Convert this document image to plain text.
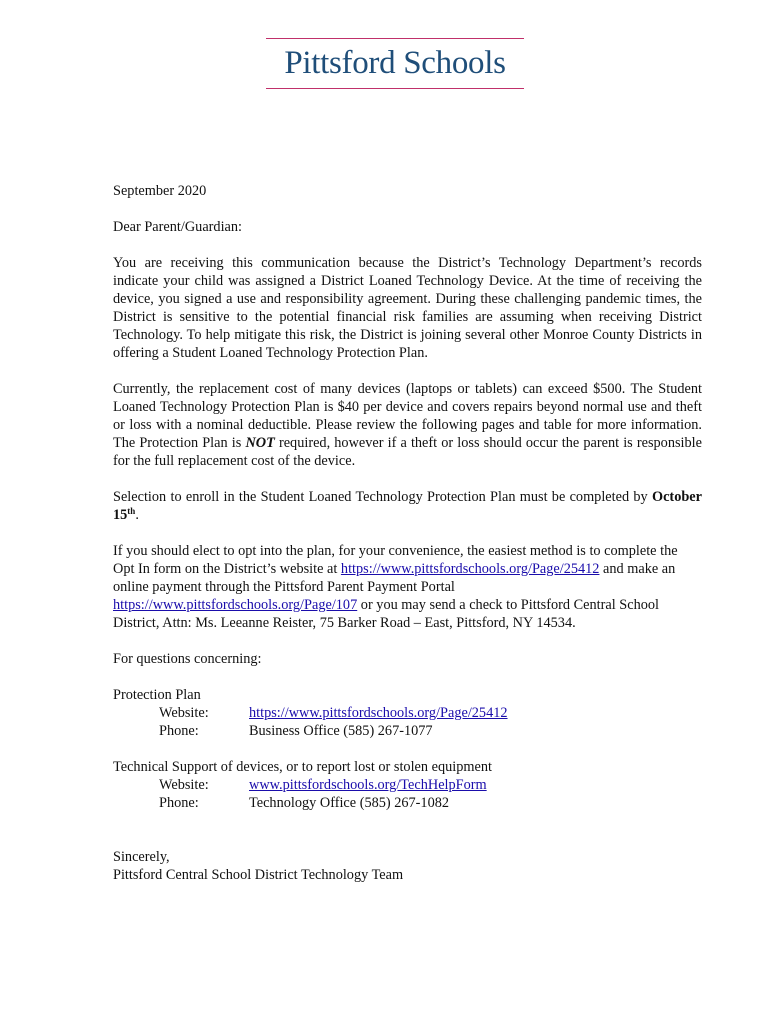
Pittsford Schools

September 2020

Dear Parent/Guardian:

You are receiving this communication because the District’s Technology Department’s records indicate your child was assigned a District Loaned Technology Device. At the time of receiving the device, you signed a use and responsibility agreement. During these challenging pandemic times, the District is sensitive to the potential financial risk families are assuming when receiving District Technology. To help mitigate this risk, the District is joining several other Monroe County Districts in offering a Student Loaned Technology Protection Plan.

Currently, the replacement cost of many devices (laptops or tablets) can exceed $500. The Student Loaned Technology Protection Plan is $40 per device and covers repairs beyond normal use and theft or loss with a nominal deductible. Please review the following pages and table for more information. The Protection Plan is NOT required, however if a theft or loss should occur the parent is responsible for the full replacement cost of the device.

Selection to enroll in the Student Loaned Technology Protection Plan must be completed by October 15th.

If you should elect to opt into the plan, for your convenience, the easiest method is to complete the Opt In form on the District’s website at https://www.pittsfordschools.org/Page/25412 and make an online payment through the Pittsford Parent Payment Portal https://www.pittsfordschools.org/Page/107 or you may send a check to Pittsford Central School District, Attn: Ms. Leeanne Reister, 75 Barker Road – East, Pittsford, NY 14534.

For questions concerning:

Protection Plan

Website:	https://www.pittsfordschools.org/Page/25412
Phone:	Business Office (585) 267-1077

Technical Support of devices, or to report lost or stolen equipment

Website:	www.pittsfordschools.org/TechHelpForm
Phone:	Technology Office (585) 267-1082

Sincerely,

Pittsford Central School District Technology Team
